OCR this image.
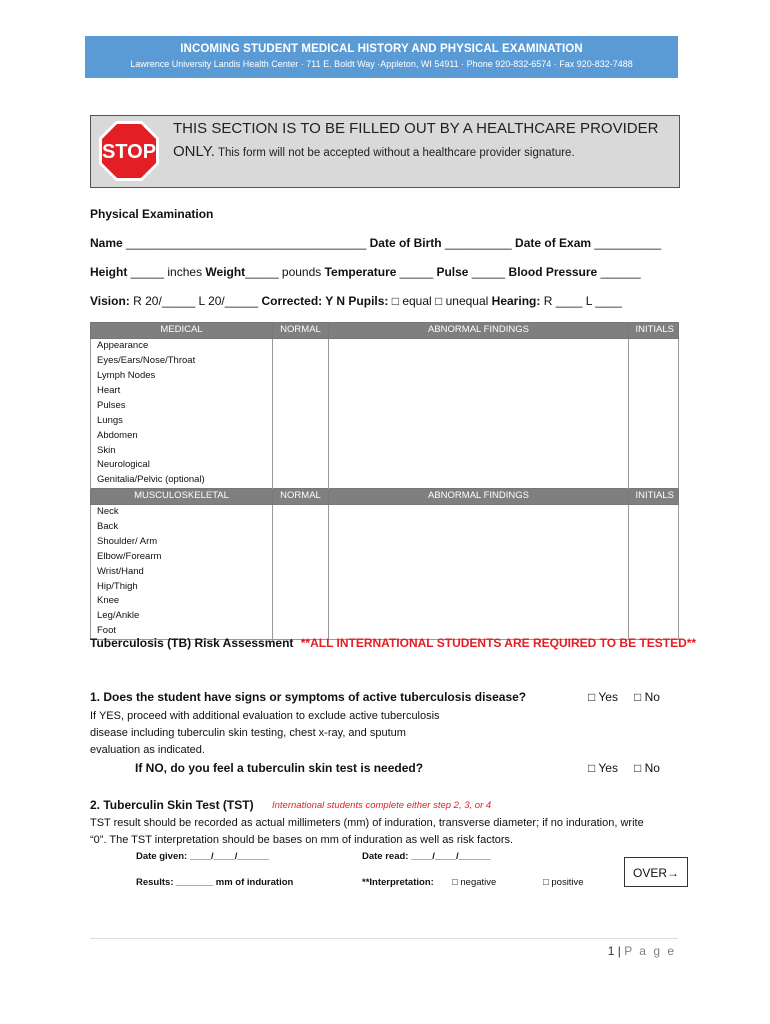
INCOMING STUDENT MEDICAL HISTORY AND PHYSICAL EXAMINATION
Lawrence University Landis Health Center · 711 E. Boldt Way ·Appleton, WI 54911 · Phone 920-832-6574 · Fax 920-832-7488
STOP
THIS SECTION IS TO BE FILLED OUT BY A HEALTHCARE PROVIDER
ONLY. This form will not be accepted without a healthcare provider signature.
Physical Examination
Name ____________________________________ Date of Birth __________ Date of Exam __________
Height _____ inches Weight_____ pounds Temperature _____ Pulse _____ Blood Pressure ______
Vision: R 20/_____ L 20/_____ Corrected: Y N Pupils: □ equal □ unequal Hearing: R ____ L ____
MEDICAL	NORMAL	ABNORMAL FINDINGS	INITIALS
Appearance			
Eyes/Ears/Nose/Throat			
Lymph Nodes			
Heart			
Pulses			
Lungs			
Abdomen			
Skin			
Neurological			
Genitalia/Pelvic (optional)			
MUSCULOSKELETAL	NORMAL	ABNORMAL FINDINGS	INITIALS
Neck			
Back			
Shoulder/ Arm			
Elbow/Forearm			
Wrist/Hand			
Hip/Thigh			
Knee			
Leg/Ankle			
Foot			
Tuberculosis (TB) Risk Assessment **ALL INTERNATIONAL STUDENTS ARE REQUIRED TO BE TESTED**
1. Does the student have signs or symptoms of active tuberculosis disease?	□ Yes □ No
If YES, proceed with additional evaluation to exclude active tuberculosis
disease including tuberculin skin testing, chest x-ray, and sputum
evaluation as indicated.
If NO, do you feel a tuberculin skin test is needed?	□ Yes □ No
2. Tuberculin Skin Test (TST) International students complete either step 2, 3, or 4
TST result should be recorded as actual millimeters (mm) of induration, transverse diameter; if no induration, write
“0”. The TST interpretation should be bases on mm of induration as well as risk factors.
Date given: ____/____/______	Date read: ____/____/______
Results: _______ mm of induration	**Interpretation: □ negative	□ positive
OVER→
1 | P a g e
